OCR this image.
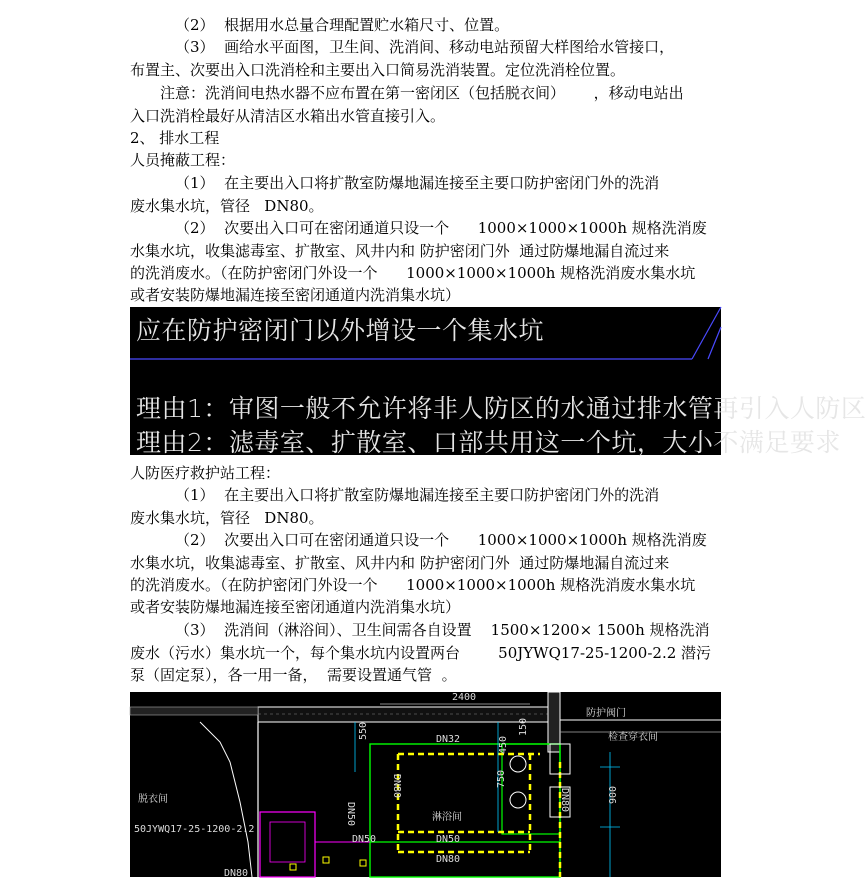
（2）  根据用水总量合理配置贮水箱尺寸、位置。
（3）  画给水平面图，卫生间、洗消间、移动电站预留大样图给水管接口，
布置主、次要出入口洗消栓和主要出入口简易洗消装置。定位洗消栓位置。
注意：洗消间电热水器不应布置在第一密闭区（包括脱衣间）      ，移动电站出
入口洗消栓最好从清洁区水箱出水管直接引入。
2、 排水工程
人员掩蔽工程：
（1）  在主要出入口将扩散室防爆地漏连接至主要口防护密闭门外的洗消
废水集水坑，管径   DN80。
（2）  次要出入口可在密闭通道只设一个      1000×1000×1000h 规格洗消废
水集水坑，收集滤毒室、扩散室、风井内和 防护密闭门外  通过防爆地漏自流过来
的洗消废水。（在防护密闭门外设一个      1000×1000×1000h 规格洗消废水集水坑
或者安装防爆地漏连接至密闭通道内洗消集水坑）
应在防护密闭门以外增设一个集水坑
理由1：审图一般不允许将非人防区的水通过排水管再引入人防区
理由2：滤毒室、扩散室、口部共用这一个坑，大小不满足要求
人防医疗救护站工程：
（1）  在主要出入口将扩散室防爆地漏连接至主要口防护密闭门外的洗消
废水集水坑，管径   DN80。
（2）  次要出入口可在密闭通道只设一个      1000×1000×1000h 规格洗消废
水集水坑，收集滤毒室、扩散室、风井内和 防护密闭门外  通过防爆地漏自流过来
的洗消废水。（在防护密闭门外设一个      1000×1000×1000h 规格洗消废水集水坑
或者安装防爆地漏连接至密闭通道内洗消集水坑）
（3）  洗消间（淋浴间）、卫生间需各自设置    1500×1200× 1500h 规格洗消
废水（污水）集水坑一个，每个集水坑内设置两台        50JYWQ17-25-1200-2.2 潜污
泵（固定泵），各一用一备，  需要设置通气管  。
2400
防护阀门
检查穿衣间
脱衣间
淋浴间
DN32
DN50
DN50	DN50
DN80
DN80
DN80
DN80
550
750
150
450
900
50JYWQ17-25-1200-2.2
